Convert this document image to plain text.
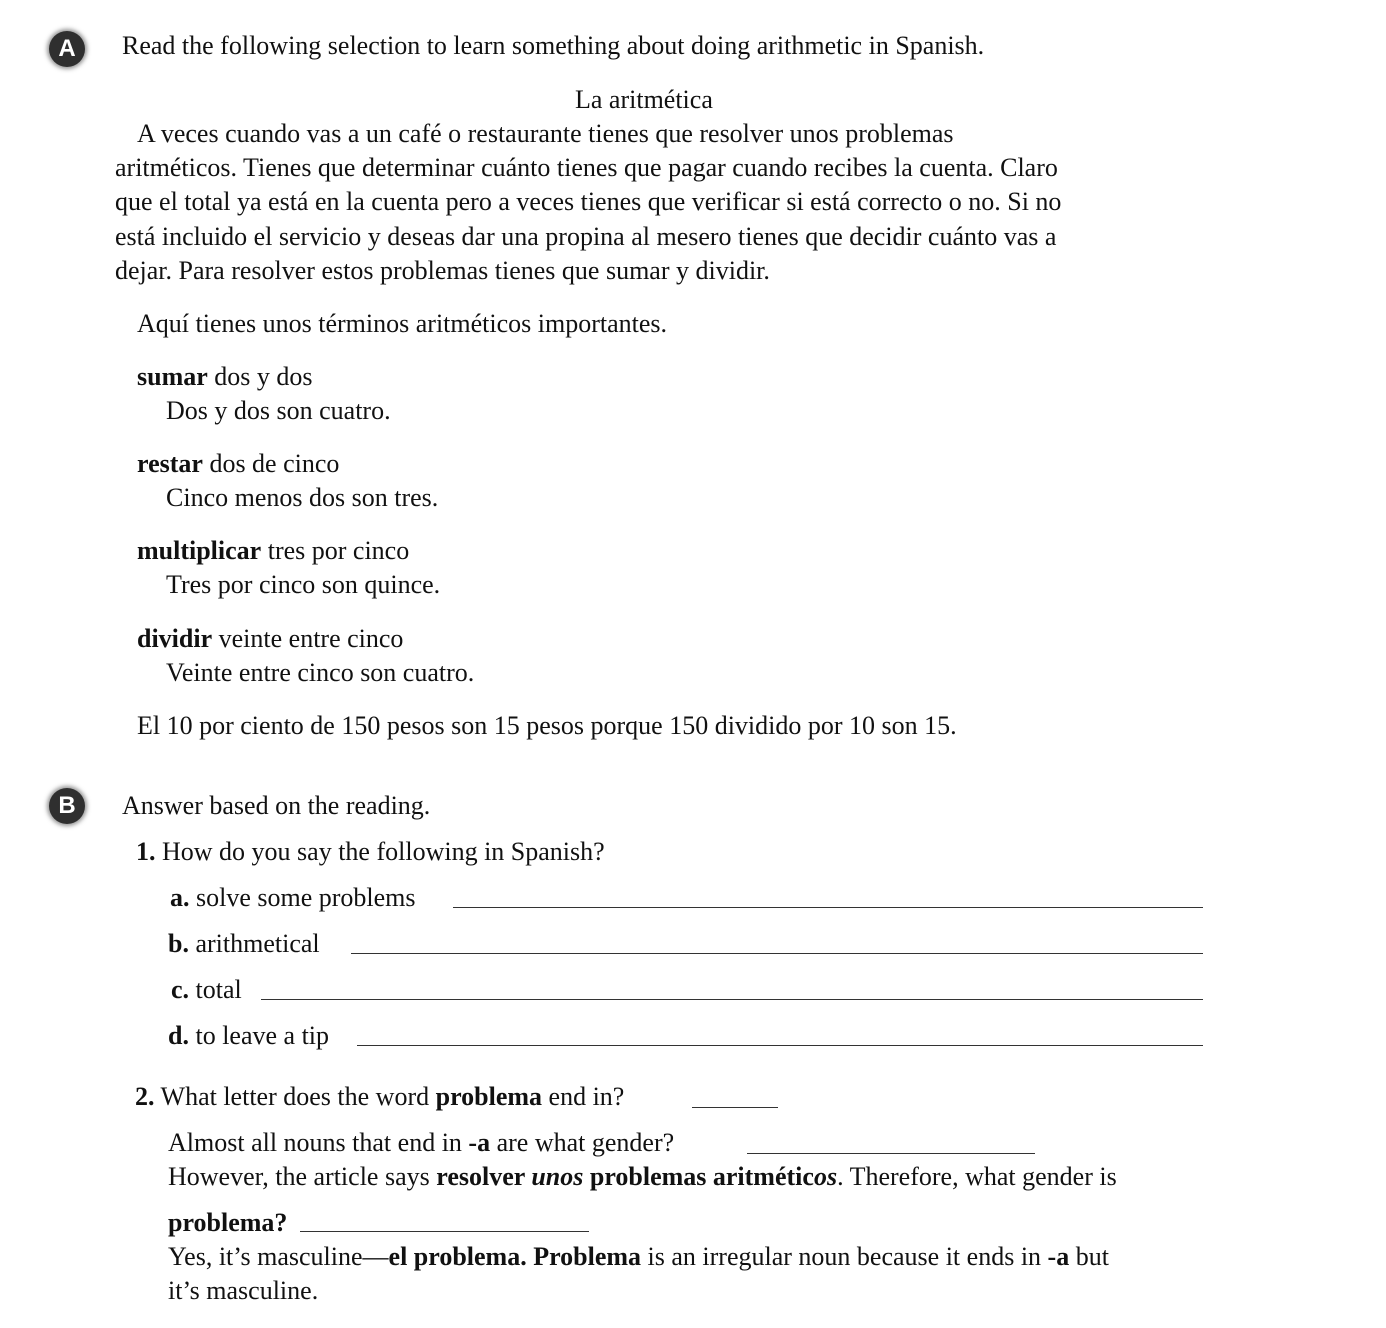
A	Read the following selection to learn something about doing arithmetic in Spanish.
La aritmética
A veces cuando vas a un café o restaurante tienes que resolver unos problemas
aritméticos. Tienes que determinar cuánto tienes que pagar cuando recibes la cuenta. Claro
que el total ya está en la cuenta pero a veces tienes que verificar si está correcto o no. Si no
está incluido el servicio y deseas dar una propina al mesero tienes que decidir cuánto vas a
dejar. Para resolver estos problemas tienes que sumar y dividir.
Aquí tienes unos términos aritméticos importantes.
sumar dos y dos
Dos y dos son cuatro.
restar dos de cinco
Cinco menos dos son tres.
multiplicar tres por cinco
Tres por cinco son quince.
dividir veinte entre cinco
Veinte entre cinco son cuatro.
El 10 por ciento de 150 pesos son 15 pesos porque 150 dividido por 10 son 15.
B	Answer based on the reading.
1. How do you say the following in Spanish?
a. solve some problems
b. arithmetical
c. total
d. to leave a tip
2. What letter does the word problema end in?
Almost all nouns that end in -a are what gender?
However, the article says resolver unos problemas aritméticos. Therefore, what gender is
problema?
Yes, it’s masculine—el problema. Problema is an irregular noun because it ends in -a but
it’s masculine.
